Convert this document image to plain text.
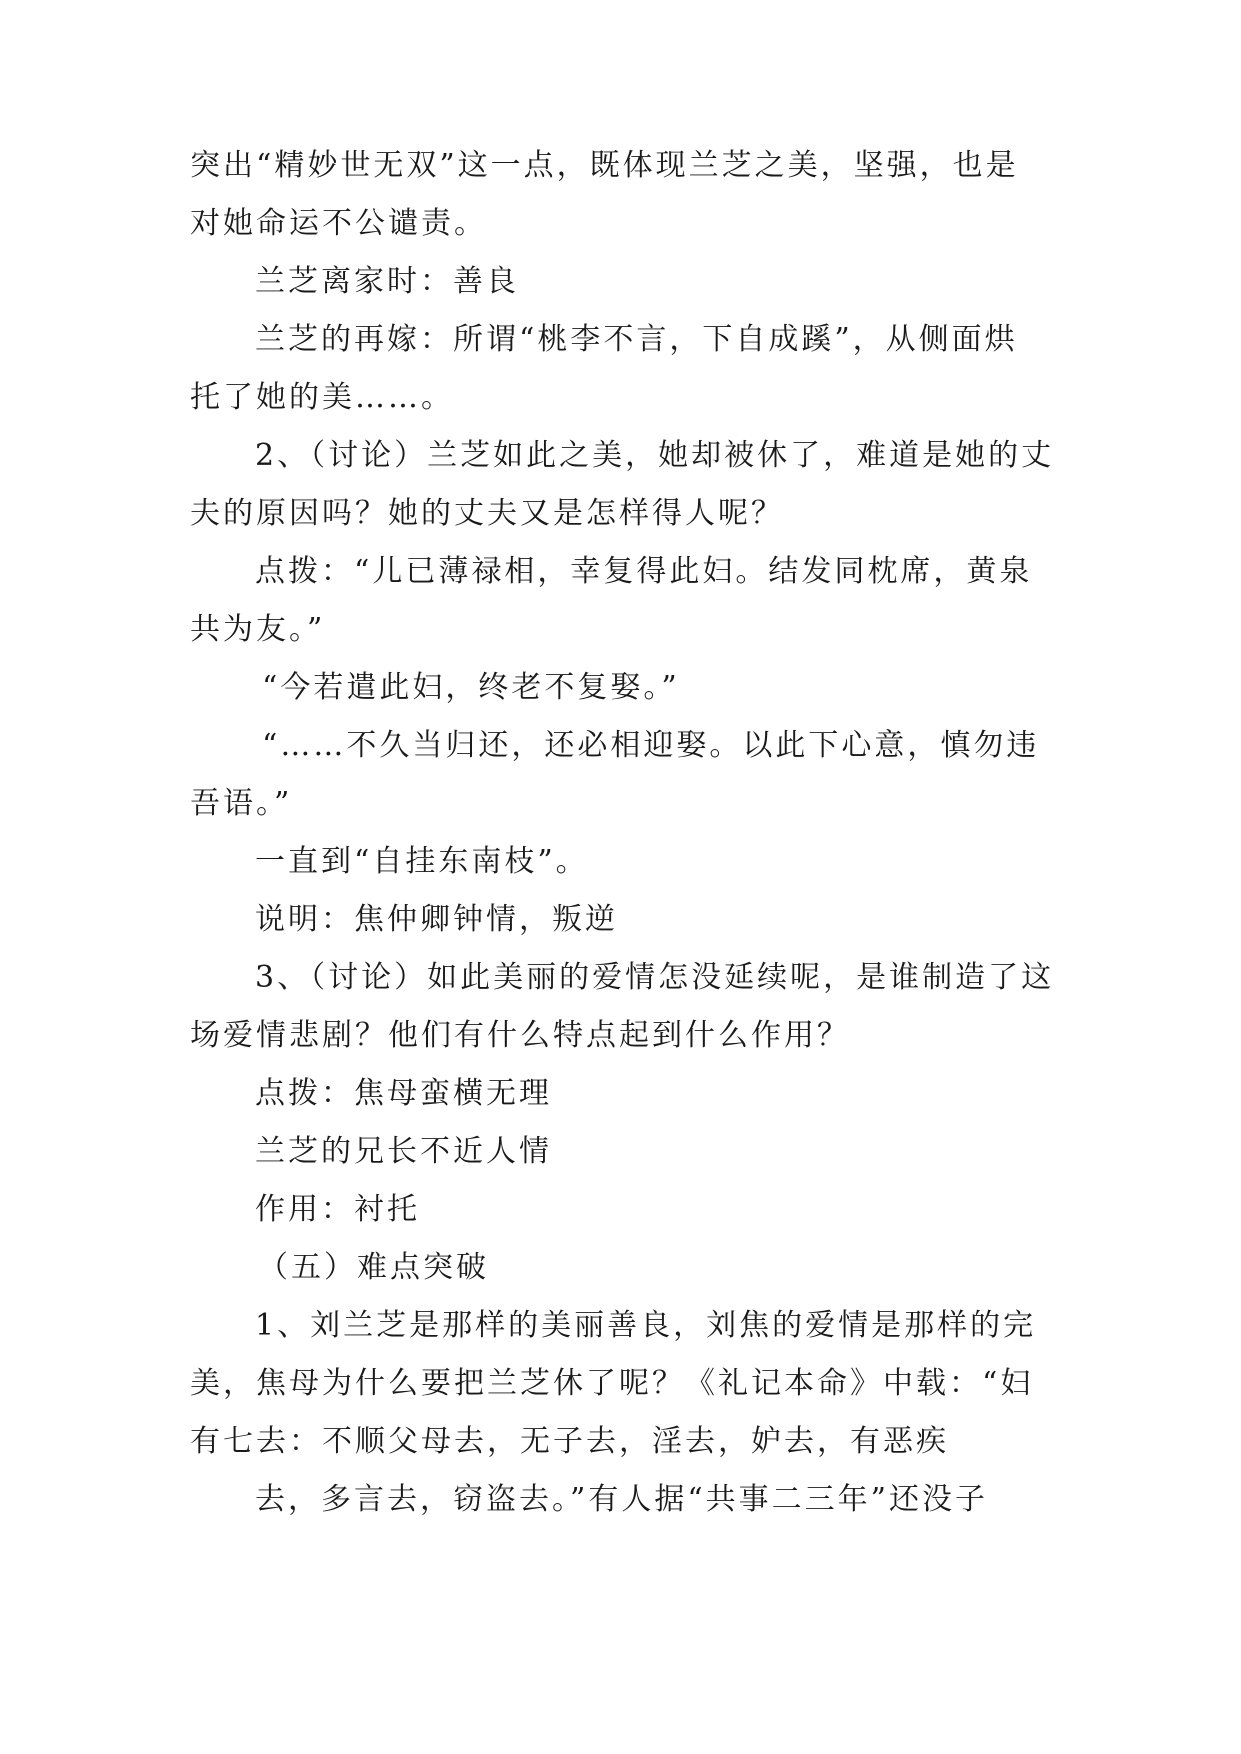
突出“精妙世无双”这一点，既体现兰芝之美，坚强，也是
对她命运不公谴责。
兰芝离家时：善良
兰芝的再嫁：所谓“桃李不言，下自成蹊”，从侧面烘
托了她的美……。
2、（讨论）兰芝如此之美，她却被休了，难道是她的丈
夫的原因吗？她的丈夫又是怎样得人呢？
点拨：“儿已薄禄相，幸复得此妇。结发同枕席，黄泉
共为友。”
“今若遣此妇，终老不复娶。”
“……不久当归还，还必相迎娶。以此下心意，慎勿违
吾语。”
一直到“自挂东南枝”。
说明：焦仲卿钟情，叛逆
3、（讨论）如此美丽的爱情怎没延续呢，是谁制造了这
场爱情悲剧？他们有什么特点起到什么作用？
点拨：焦母蛮横无理
兰芝的兄长不近人情
作用：衬托
（五）难点突破
1、刘兰芝是那样的美丽善良，刘焦的爱情是那样的完
美，焦母为什么要把兰芝休了呢？《礼记本命》中载：“妇
有七去：不顺父母去，无子去，淫去，妒去，有恶疾
去，多言去，窃盗去。”有人据“共事二三年”还没子
